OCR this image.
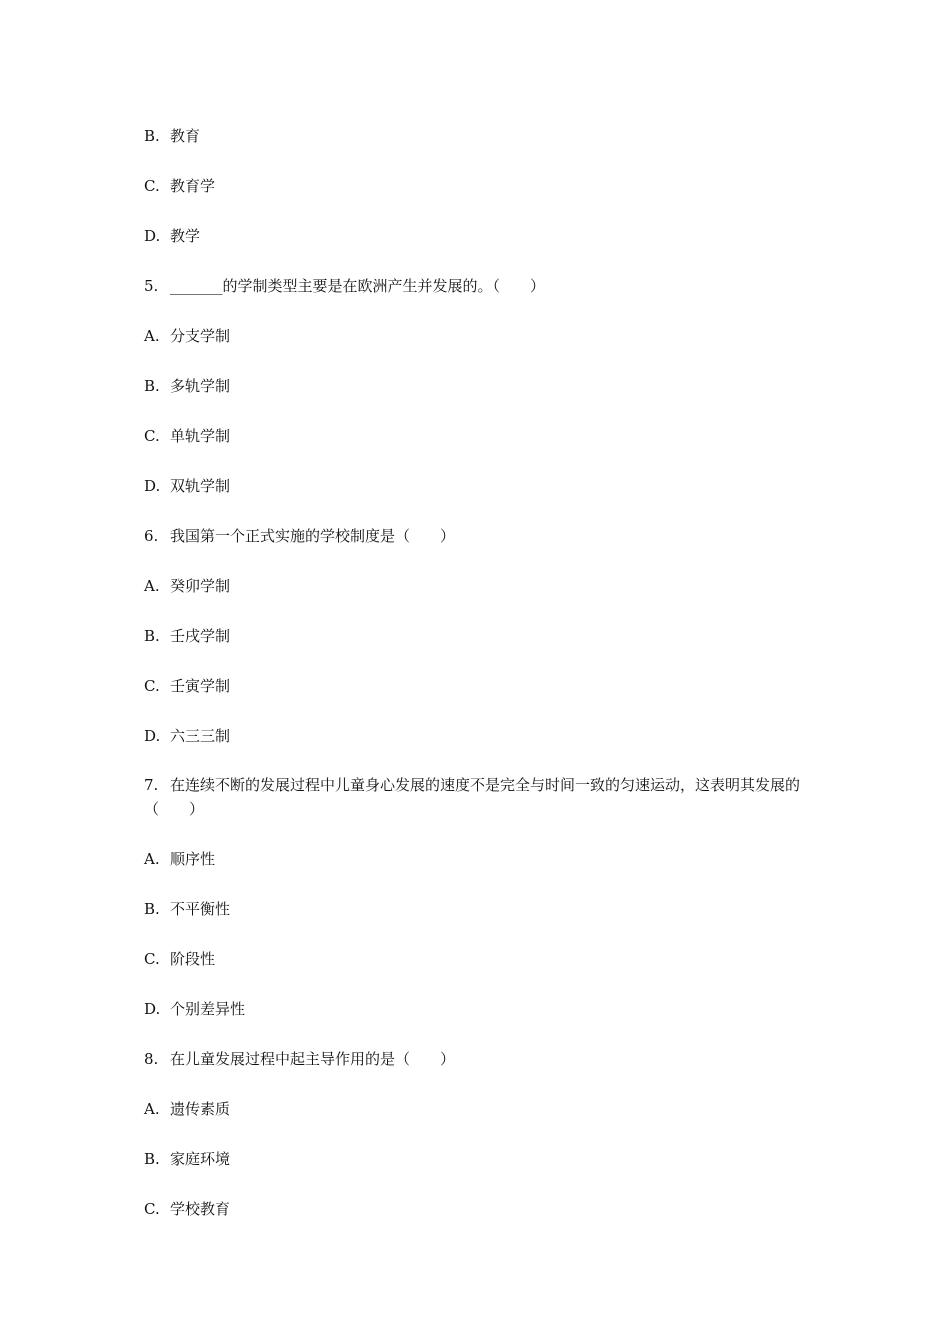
B. 教育
C. 教育学
D. 教学
5. _______的学制类型主要是在欧洲产生并发展的。（　　）
A. 分支学制
B. 多轨学制
C. 单轨学制
D. 双轨学制
6. 我国第一个正式实施的学校制度是（　　）
A. 癸卯学制
B. 壬戌学制
C. 壬寅学制
D. 六三三制
7. 在连续不断的发展过程中儿童身心发展的速度不是完全与时间一致的匀速运动，这表明其发展的（　　）
A. 顺序性
B. 不平衡性
C. 阶段性
D. 个别差异性
8. 在儿童发展过程中起主导作用的是（　　）
A. 遗传素质
B. 家庭环境
C. 学校教育
